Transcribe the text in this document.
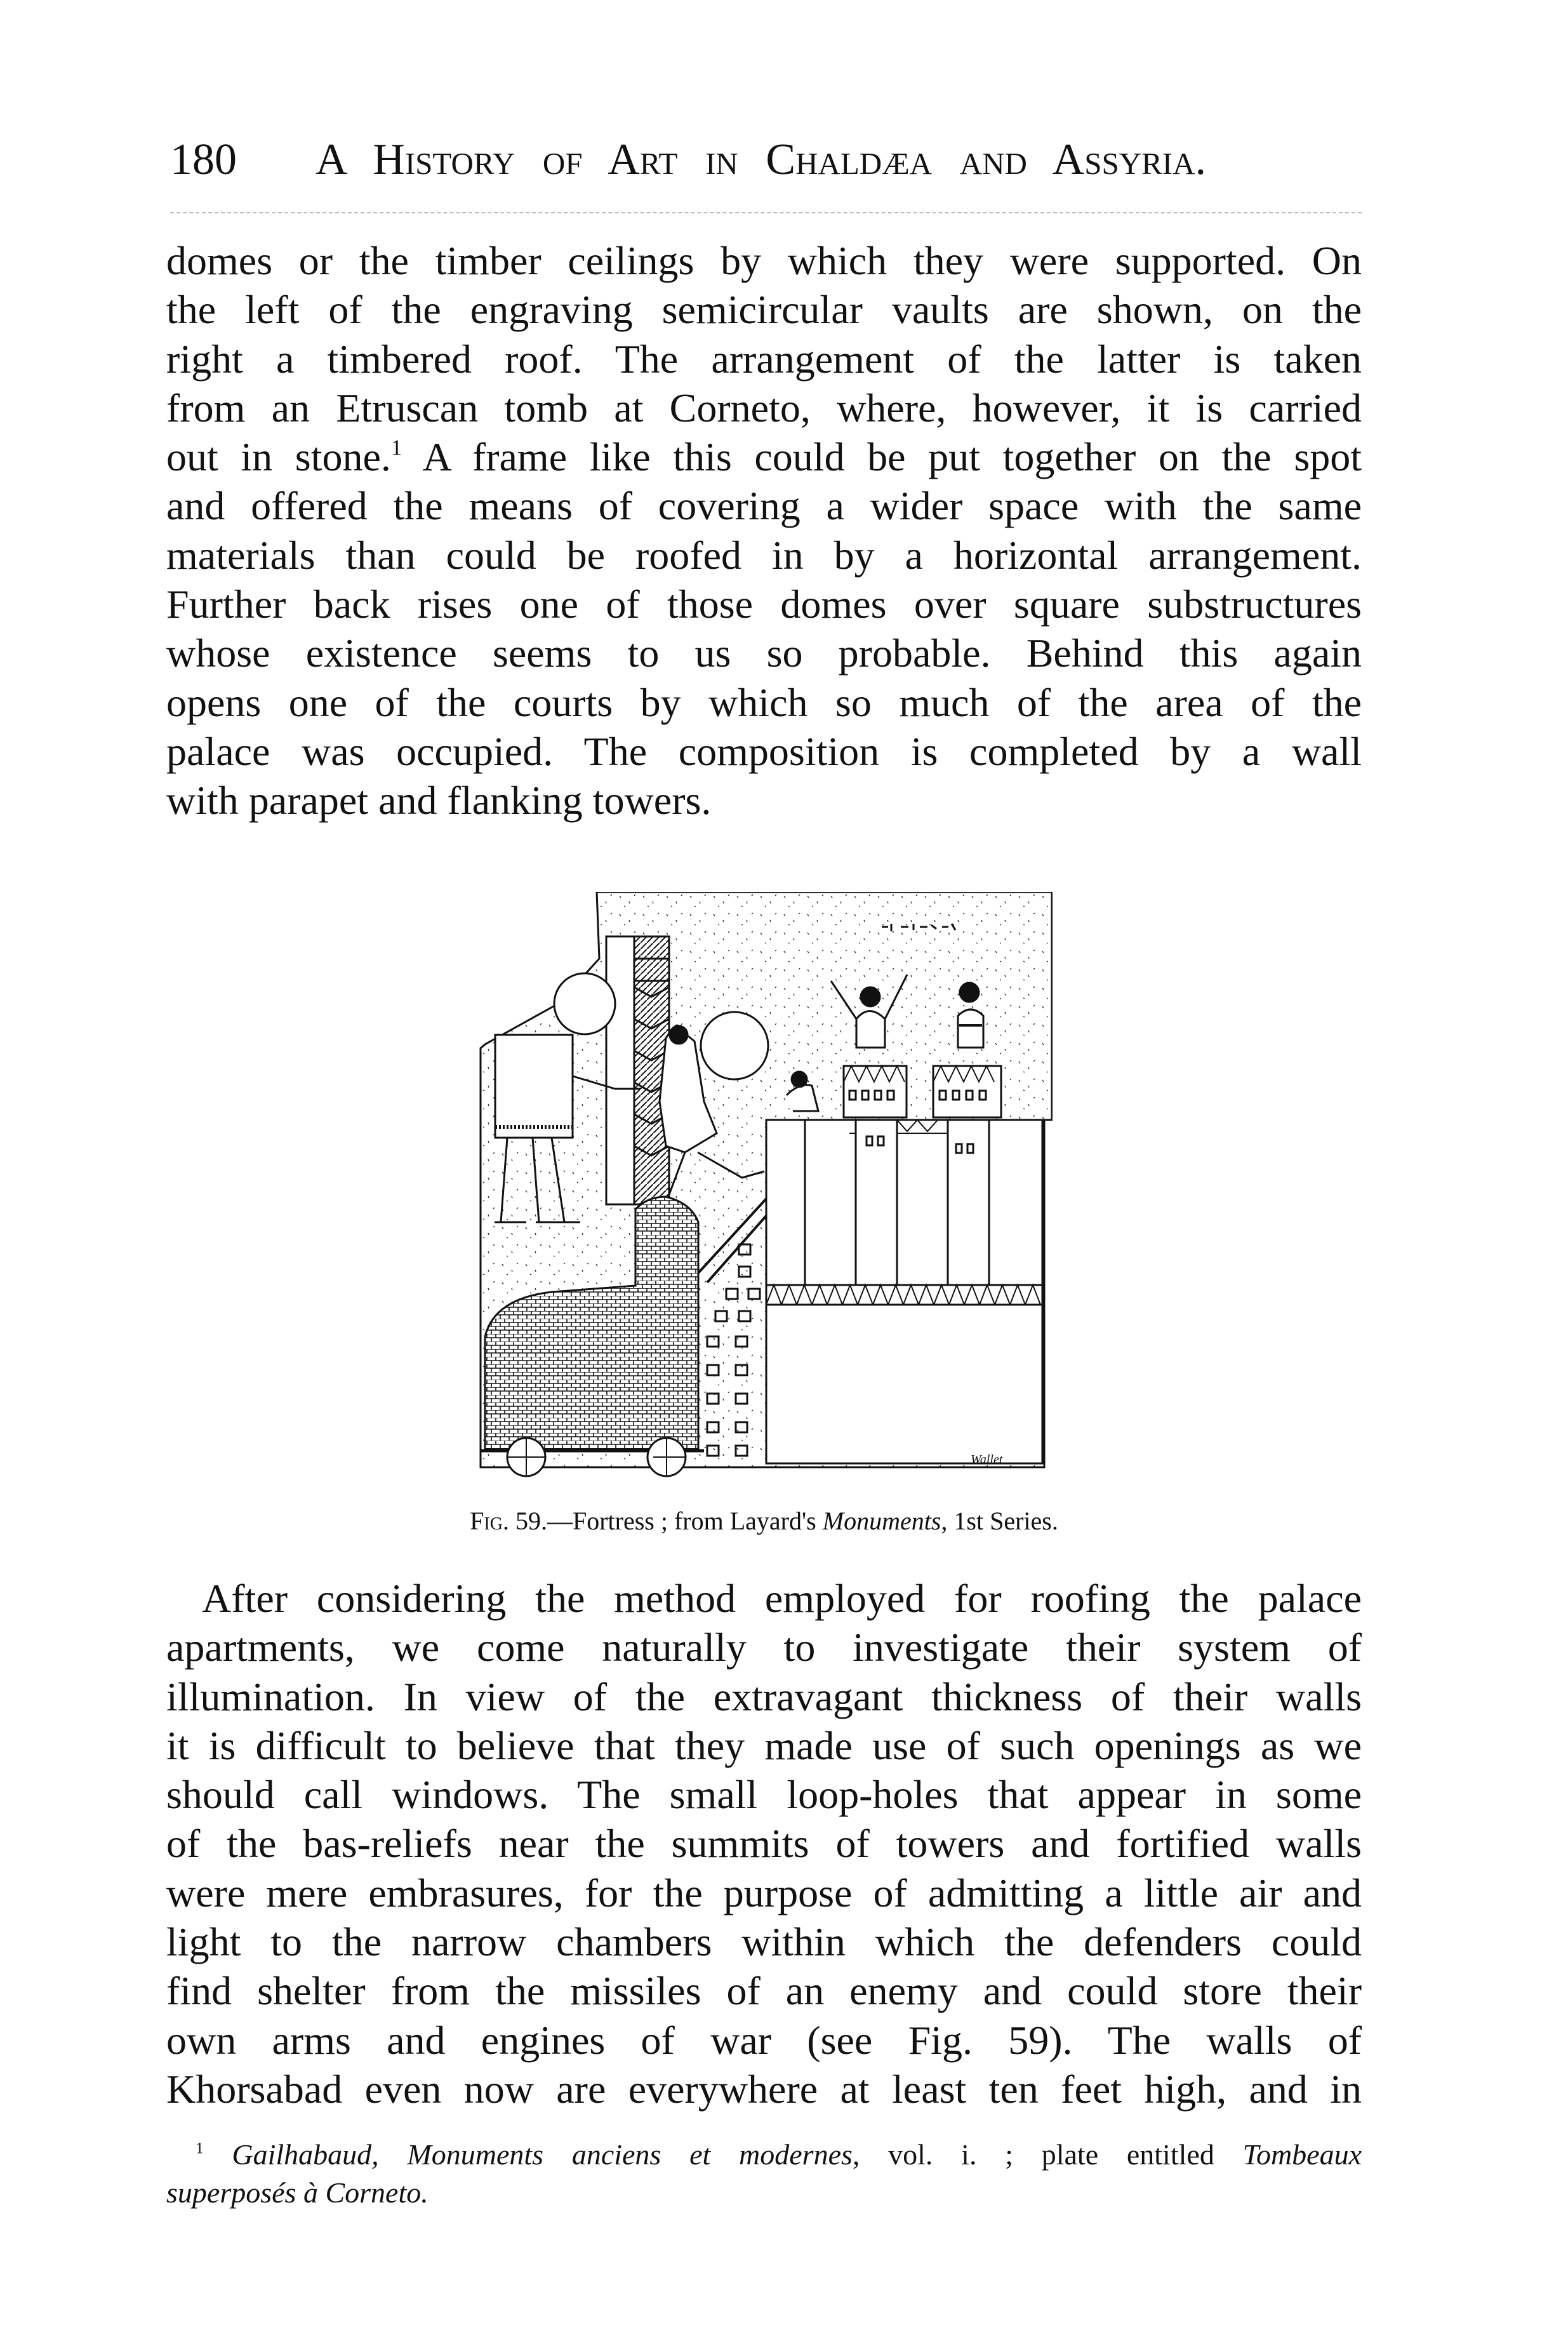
180 A History of Art in Chaldæa and Assyria.
domes or the timber ceilings by which they were supported. On
the left of the engraving semicircular vaults are shown, on the
right a timbered roof. The arrangement of the latter is taken
from an Etruscan tomb at Corneto, where, however, it is carried
out in stone.$^1$ A frame like this could be put together on the spot
and offered the means of covering a wider space with the same
materials than could be roofed in by a horizontal arrangement.
Further back rises one of those domes over square substructures
whose existence seems to us so probable. Behind this again
opens one of the courts by which so much of the area of the
palace was occupied. The composition is completed by a wall
with parapet and flanking towers.
Wallet
Fig. 59.—Fortress ; from Layard's Monuments, 1st Series.
After considering the method employed for roofing the palace
apartments, we come naturally to investigate their system of
illumination. In view of the extravagant thickness of their walls
it is difficult to believe that they made use of such openings as we
should call windows. The small loop-holes that appear in some
of the bas-reliefs near the summits of towers and fortified walls
were mere embrasures, for the purpose of admitting a little air and
light to the narrow chambers within which the defenders could
find shelter from the missiles of an enemy and could store their
own arms and engines of war (see Fig. 59). The walls of
Khorsabad even now are everywhere at least ten feet high, and in
$^1$ Gailhabaud, Monuments anciens et modernes, vol. i. ; plate entitled Tombeaux
superposés à Corneto.
